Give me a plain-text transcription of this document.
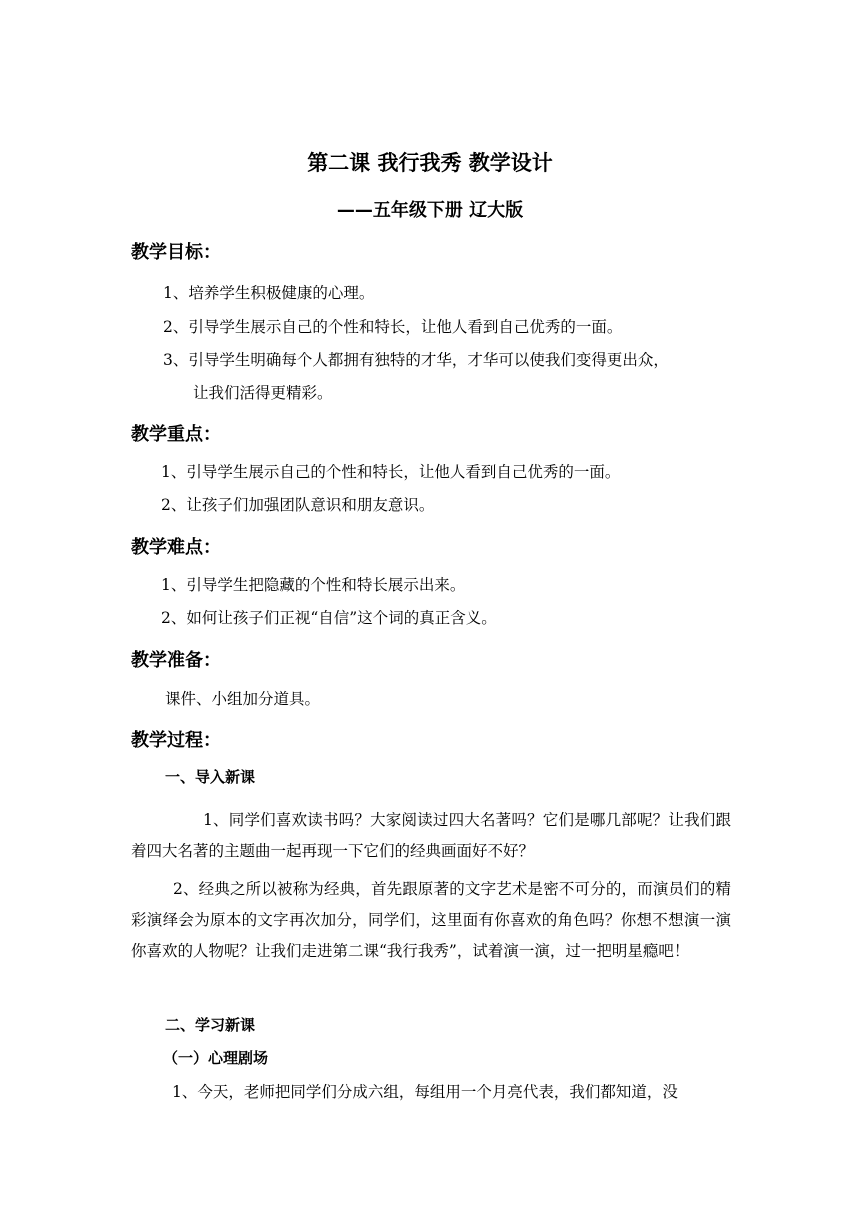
第二课 我行我秀 教学设计
——五年级下册 辽大版
教学目标：
1、培养学生积极健康的心理。
2、引导学生展示自己的个性和特长，让他人看到自己优秀的一面。
3、引导学生明确每个人都拥有独特的才华，才华可以使我们变得更出众，
让我们活得更精彩。
教学重点：
1、引导学生展示自己的个性和特长，让他人看到自己优秀的一面。
2、让孩子们加强团队意识和朋友意识。
教学难点：
1、引导学生把隐藏的个性和特长展示出来。
2、如何让孩子们正视“自信”这个词的真正含义。
教学准备：
课件、小组加分道具。
教学过程：
一、导入新课
1、同学们喜欢读书吗？大家阅读过四大名著吗？它们是哪几部呢？让我们跟着四大名著的主题曲一起再现一下它们的经典画面好不好？
2、经典之所以被称为经典，首先跟原著的文字艺术是密不可分的，而演员们的精彩演绎会为原本的文字再次加分，同学们，这里面有你喜欢的角色吗？你想不想演一演你喜欢的人物呢？让我们走进第二课“我行我秀”，试着演一演，过一把明星瘾吧！
二、学习新课
（一）心理剧场
1、今天，老师把同学们分成六组，每组用一个月亮代表，我们都知道，没
